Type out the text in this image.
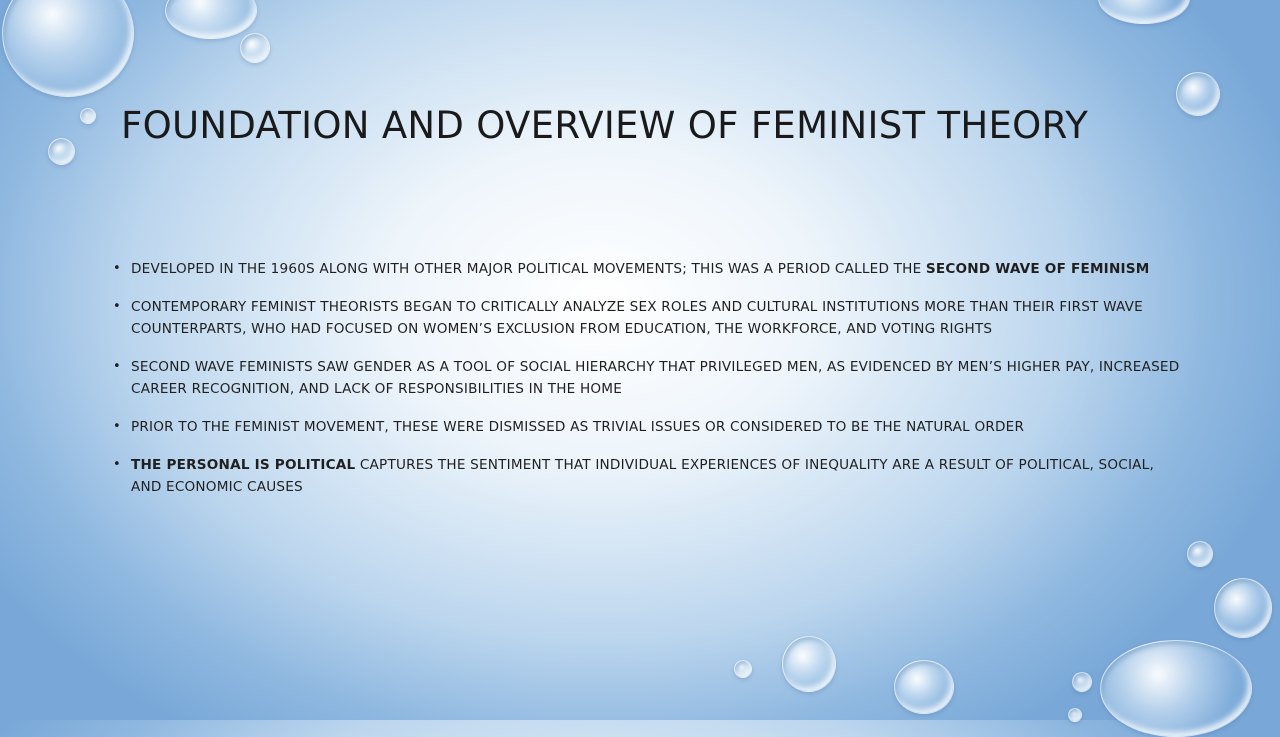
FOUNDATION AND OVERVIEW OF FEMINIST THEORY
• DEVELOPED IN THE 1960S ALONG WITH OTHER MAJOR POLITICAL MOVEMENTS; THIS WAS A PERIOD CALLED THE SECOND WAVE OF FEMINISM
• CONTEMPORARY FEMINIST THEORISTS BEGAN TO CRITICALLY ANALYZE SEX ROLES AND CULTURAL INSTITUTIONS MORE THAN THEIR FIRST WAVE COUNTERPARTS, WHO HAD FOCUSED ON WOMEN’S EXCLUSION FROM EDUCATION, THE WORKFORCE, AND VOTING RIGHTS
• SECOND WAVE FEMINISTS SAW GENDER AS A TOOL OF SOCIAL HIERARCHY THAT PRIVILEGED MEN, AS EVIDENCED BY MEN’S HIGHER PAY, INCREASED CAREER RECOGNITION, AND LACK OF RESPONSIBILITIES IN THE HOME
• PRIOR TO THE FEMINIST MOVEMENT, THESE WERE DISMISSED AS TRIVIAL ISSUES OR CONSIDERED TO BE THE NATURAL ORDER
• THE PERSONAL IS POLITICAL CAPTURES THE SENTIMENT THAT INDIVIDUAL EXPERIENCES OF INEQUALITY ARE A RESULT OF POLITICAL, SOCIAL, AND ECONOMIC CAUSES
